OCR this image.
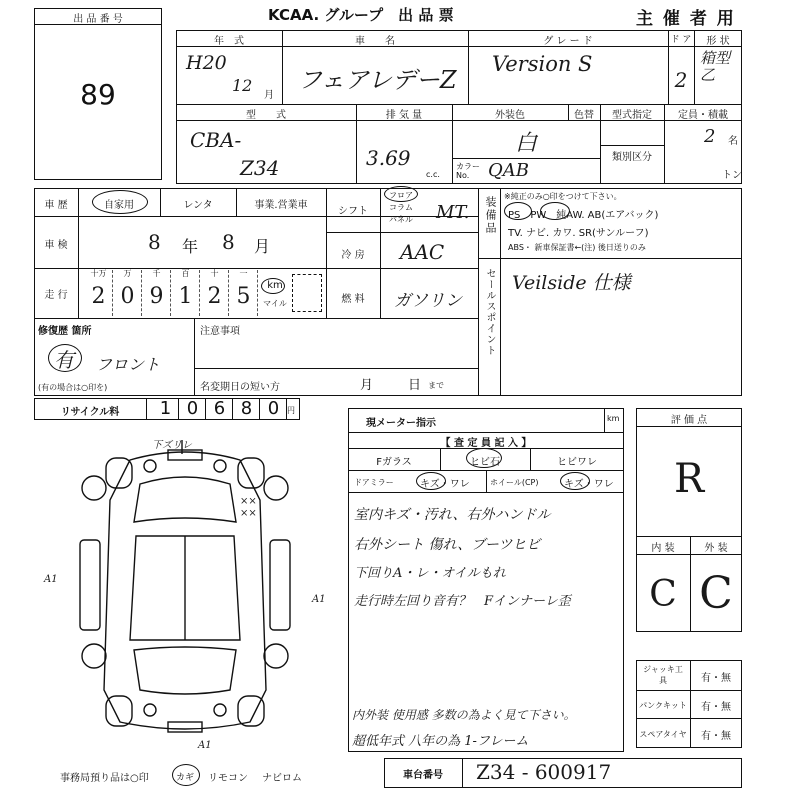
出 品 番 号
89
KCAA. グループ　出 品 票	主 催 者 用
年　式
H20
12
月
車　　名
フェアレデーZ
グ レ ー ド
Version S
ド ア
2
形 状
箱型乙
型　　式
CBA-
Z34
排 気 量
3.69
c.c.
外装色	色替
白
カラー No.	QAB
型式指定
類別区分
定員・積載
2 名
トン
車 歴	自家用	レンタ	事業.営業車
車 検	8 年 8 月
走 行
十万
2
万
0
千
9
百
1
十
2
一
5	km
マイル
シフト
フロア
コラム
パネル	MT.
冷 房	AAC
燃 料	ガソリン
装備品 ※純正のみ○印をつけて下さい。
PS　PW　純AW. AB(エアバック)
TV. ナビ. カワ. SR(サンルーフ)
ABS・ 新車保証書←(注) 後日送りのみ
セールスポイント Veilside 仕様
修復歴 箇所
有 フロント
(有の場合は○印を)
注意事項
名変期日の短い方	月	日 まで
リサイクル料	1 0 6 8 0 円
現メーター指示	km
【 査 定 員 記 入 】
Fガラス	ヒビ石	ヒビワレ
ドアミラー	キズ・ワレ	ホイール(CP)	キズ・ワレ
室内キズ・汚れ、右外ハンドル
右外シート 傷れ、ブーツヒビ
下回りA・レ・オイルもれ
走行時左回り音有？　Fインナーレ歪
内外装 使用感 多数の為よく見て下さい。
超低年式 八年の為 1-フレーム
評 価 点
R
内 装	外 装
C C
ジャッキ工具	有・無
パンクキット	有・無
スペアタイヤ	有・無
下ズリレ
×× ××
A1
A1
A1
事務局預り品は○印	カギ リモコン ナビロム	車台番号	Z34 - 600917
